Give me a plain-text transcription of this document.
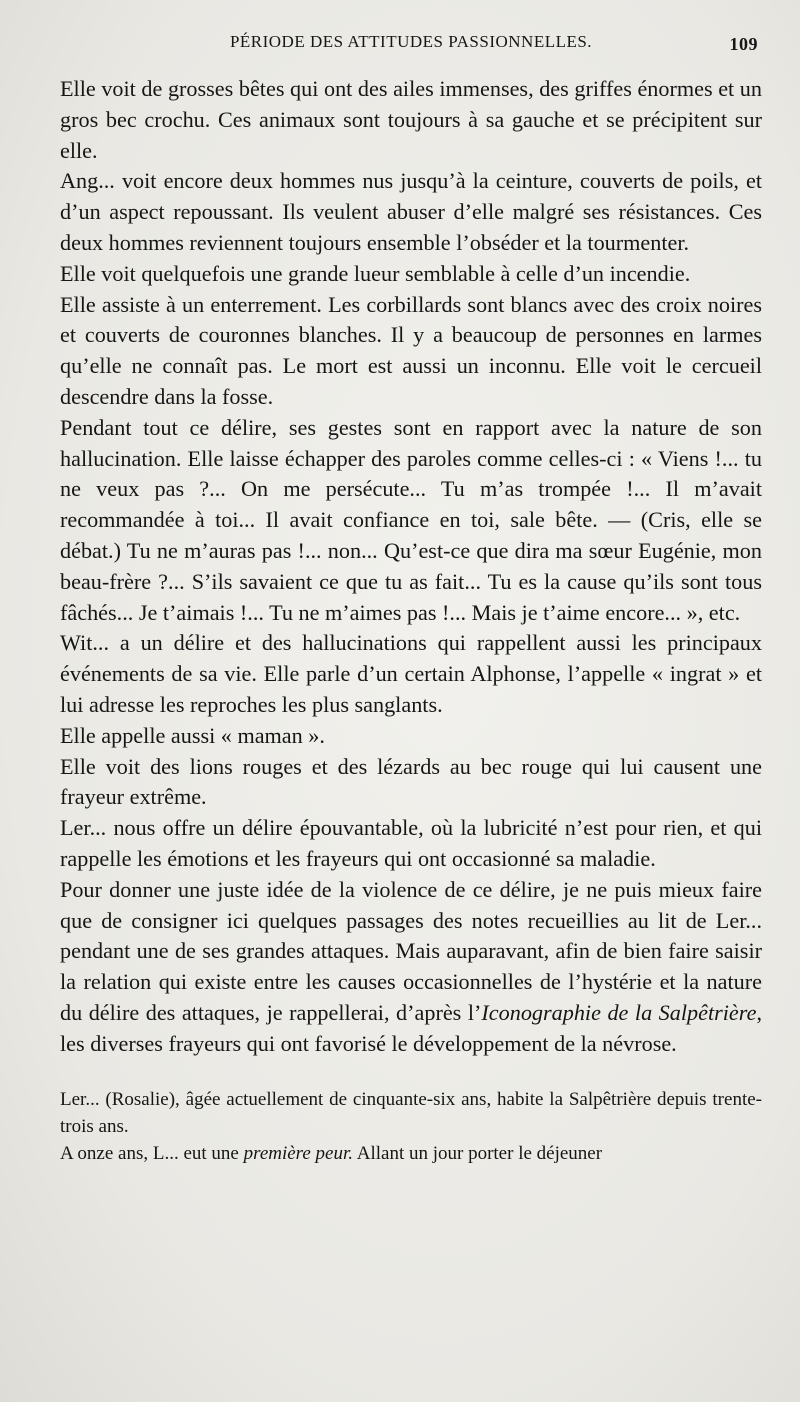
PÉRIODE DES ATTITUDES PASSIONNELLES.	109

Elle voit de grosses bêtes qui ont des ailes immenses, des griffes énormes et un gros bec crochu. Ces animaux sont toujours à sa gauche et se précipitent sur elle.

Ang... voit encore deux hommes nus jusqu’à la ceinture, couverts de poils, et d’un aspect repoussant. Ils veulent abuser d’elle malgré ses résistances. Ces deux hommes reviennent toujours ensemble l’obséder et la tourmenter.

Elle voit quelquefois une grande lueur semblable à celle d’un incendie.

Elle assiste à un enterrement. Les corbillards sont blancs avec des croix noires et couverts de couronnes blanches. Il y a beaucoup de personnes en larmes qu’elle ne connaît pas. Le mort est aussi un inconnu. Elle voit le cercueil descendre dans la fosse.

Pendant tout ce délire, ses gestes sont en rapport avec la nature de son hallucination. Elle laisse échapper des paroles comme celles-ci : « Viens !... tu ne veux pas ?... On me persécute... Tu m’as trompée !... Il m’avait recommandée à toi... Il avait confiance en toi, sale bête. — (Cris, elle se débat.) Tu ne m’auras pas !... non... Qu’est-ce que dira ma sœur Eugénie, mon beau-frère ?... S’ils savaient ce que tu as fait... Tu es la cause qu’ils sont tous fâchés... Je t’aimais !... Tu ne m’aimes pas !... Mais je t’aime encore... », etc.

Wit... a un délire et des hallucinations qui rappellent aussi les principaux événements de sa vie. Elle parle d’un certain Alphonse, l’appelle « ingrat » et lui adresse les reproches les plus sanglants.

Elle appelle aussi « maman ».

Elle voit des lions rouges et des lézards au bec rouge qui lui causent une frayeur extrême.

Ler... nous offre un délire épouvantable, où la lubricité n’est pour rien, et qui rappelle les émotions et les frayeurs qui ont occasionné sa maladie.

Pour donner une juste idée de la violence de ce délire, je ne puis mieux faire que de consigner ici quelques passages des notes recueillies au lit de Ler... pendant une de ses grandes attaques. Mais auparavant, afin de bien faire saisir la relation qui existe entre les causes occasionnelles de l’hystérie et la nature du délire des attaques, je rappellerai, d’après l’Iconographie de la Salpêtrière, les diverses frayeurs qui ont favorisé le développement de la névrose.

Ler... (Rosalie), âgée actuellement de cinquante-six ans, habite la Salpêtrière depuis trente-trois ans.

A onze ans, L... eut une première peur. Allant un jour porter le déjeuner
